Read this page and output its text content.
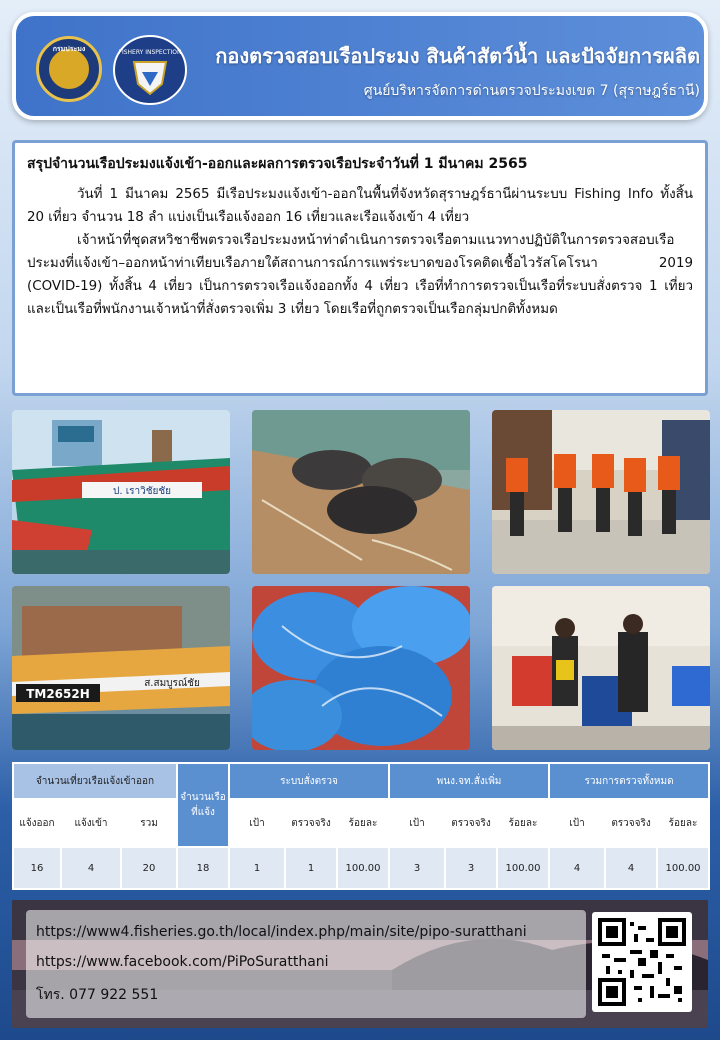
กรมประมง	FISHERY INSPECTION	กองตรวจสอบเรือประมง สินค้าสัตว์น้ำ และปัจจัยการผลิต
ศูนย์บริหารจัดการด่านตรวจประมงเขต 7 (สุราษฎร์ธานี)
สรุปจำนวนเรือประมงแจ้งเข้า-ออกและผลการตรวจเรือประจำวันที่ 1 มีนาคม 2565

วันที่ 1 มีนาคม 2565 มีเรือประมงแจ้งเข้า-ออกในพื้นที่จังหวัดสุราษฎร์ธานีผ่านระบบ Fishing Info ทั้งสิ้น 20 เที่ยว จำนวน 18 ลำ แบ่งเป็นเรือแจ้งออก 16 เที่ยวและเรือแจ้งเข้า 4 เที่ยว

เจ้าหน้าที่ชุดสหวิชาชีพตรวจเรือประมงหน้าท่าดำเนินการตรวจเรือตามแนวทางปฏิบัติในการตรวจสอบเรือประมงที่แจ้งเข้า–ออกหน้าท่าเทียบเรือภายใต้สถานการณ์การแพร่ระบาดของโรคติดเชื้อไวรัสโคโรนา 2019 (COVID-19) ทั้งสิ้น 4 เที่ยว เป็นการตรวจเรือแจ้งออกทั้ง 4 เที่ยว เรือที่ทำการตรวจเป็นเรือที่ระบบสั่งตรวจ 1 เที่ยวและเป็นเรือที่พนักงานเจ้าหน้าที่สั่งตรวจเพิ่ม 3 เที่ยว โดยเรือที่ถูกตรวจเป็นเรือกลุ่มปกติทั้งหมด

ป. เราวิชัยชัย
TM2652H
ส.สมบูรณ์ชัย
จำนวนเที่ยวเรือแจ้งเข้าออก			จำนวนเรือที่แจ้ง	ระบบสั่งตรวจ			พนง.จท.สั่งเพิ่ม			รวมการตรวจทั้งหมด		
แจ้งออก	แจ้งเข้า	รวม		เป้า	ตรวจจริง	ร้อยละ	เป้า	ตรวจจริง	ร้อยละ	เป้า	ตรวจจริง	ร้อยละ
16	4	20	18	1	1	100.00	3	3	100.00	4	4	100.00
https://www4.fisheries.go.th/local/index.php/main/site/pipo-suratthani
https://www.facebook.com/PiPoSuratthani
โทร. 077 922 551
